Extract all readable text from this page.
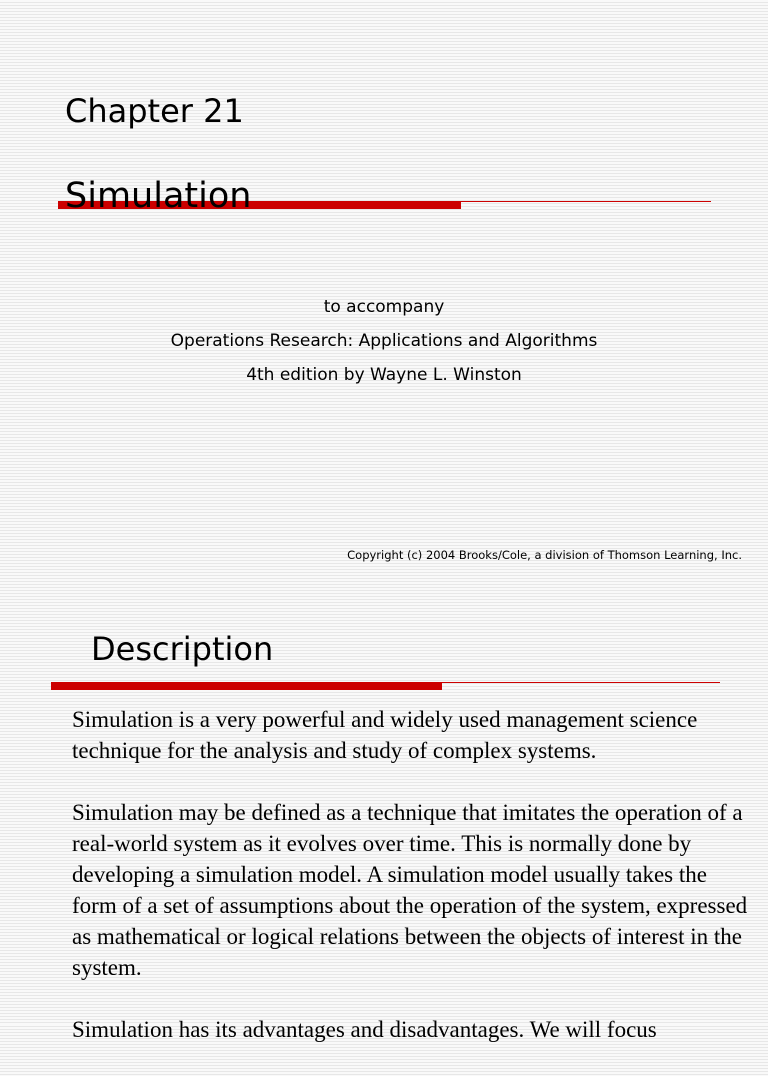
Chapter 21
Simulation
to accompany
Operations Research: Applications and Algorithms
4th edition by Wayne L. Winston
Copyright (c) 2004 Brooks/Cole, a division of Thomson Learning, Inc.
Description

Simulation is a very powerful and widely used management science technique for the analysis and study of complex systems.

Simulation may be defined as a technique that imitates the operation of a real-world system as it evolves over time. This is normally done by developing a simulation model. A simulation model usually takes the form of a set of assumptions about the operation of the system, expressed as mathematical or logical relations between the objects of interest in the system.

Simulation has its advantages and disadvantages. We will focus
